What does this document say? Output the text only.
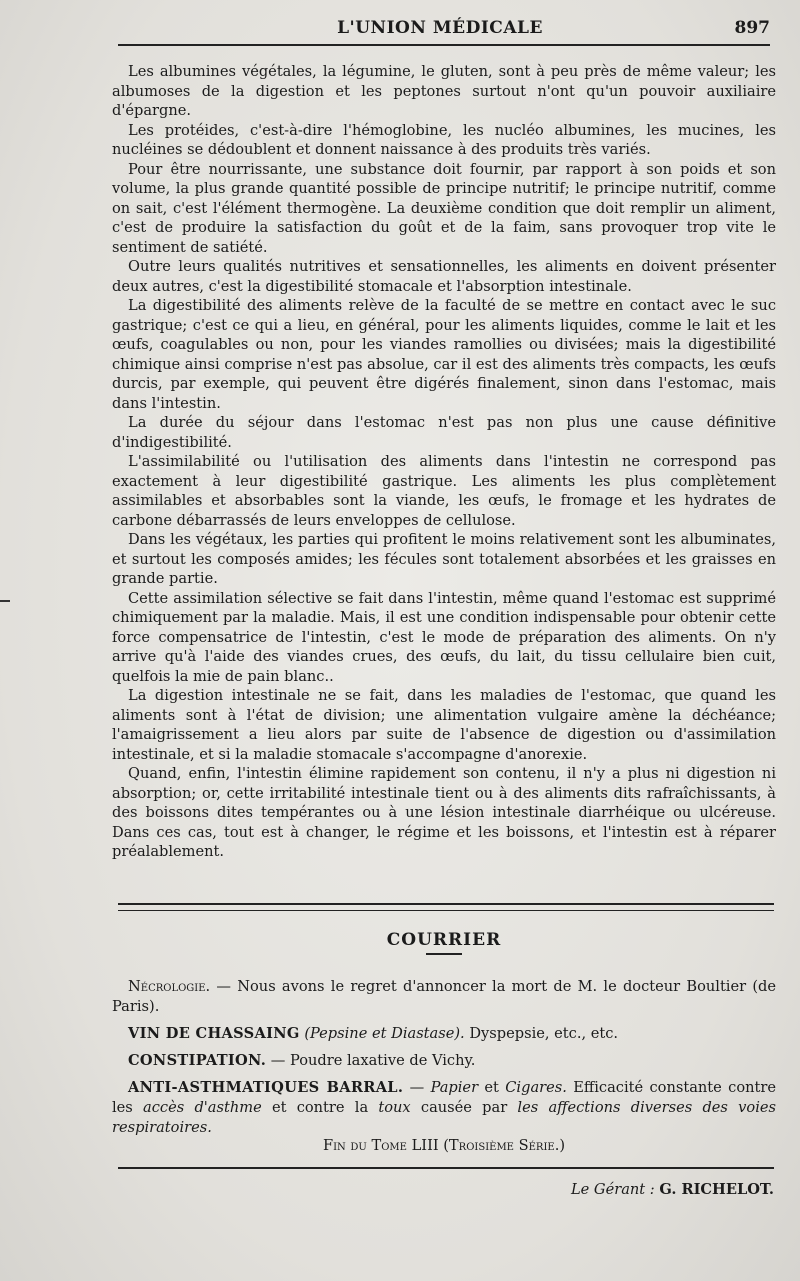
L'UNION MÉDICALE	897

Les albumines végétales, la légumine, le gluten, sont à peu près de même valeur; les albumoses de la digestion et les peptones surtout n'ont qu'un pouvoir auxiliaire d'épargne.

Les protéides, c'est-à-dire l'hémoglobine, les nucléo albumines, les mucines, les nucléines se dédoublent et donnent naissance à des produits très variés.

Pour être nourrissante, une substance doit fournir, par rapport à son poids et son volume, la plus grande quantité possible de principe nutritif; le principe nutritif, comme on sait, c'est l'élément thermogène. La deuxième condition que doit remplir un aliment, c'est de produire la satisfaction du goût et de la faim, sans provoquer trop vite le sentiment de satiété.

Outre leurs qualités nutritives et sensationnelles, les aliments en doivent présenter deux autres, c'est la digestibilité stomacale et l'absorption intestinale.

La digestibilité des aliments relève de la faculté de se mettre en contact avec le suc gastrique; c'est ce qui a lieu, en général, pour les aliments liquides, comme le lait et les œufs, coagulables ou non, pour les viandes ramollies ou divisées; mais la digestibilité chimique ainsi comprise n'est pas absolue, car il est des aliments très compacts, les œufs durcis, par exemple, qui peuvent être digérés finalement, sinon dans l'estomac, mais dans l'intestin.

La durée du séjour dans l'estomac n'est pas non plus une cause définitive d'indigestibilité.

L'assimilabilité ou l'utilisation des aliments dans l'intestin ne correspond pas exactement à leur digestibilité gastrique. Les aliments les plus complètement assimilables et absorbables sont la viande, les œufs, le fromage et les hydrates de carbone débarrassés de leurs enveloppes de cellulose.

Dans les végétaux, les parties qui profitent le moins relativement sont les albuminates, et surtout les composés amides; les fécules sont totalement absorbées et les graisses en grande partie.

Cette assimilation sélective se fait dans l'intestin, même quand l'estomac est supprimé chimiquement par la maladie. Mais, il est une condition indispensable pour obtenir cette force compensatrice de l'intestin, c'est le mode de préparation des aliments. On n'y arrive qu'à l'aide des viandes crues, des œufs, du lait, du tissu cellulaire bien cuit, quelfois la mie de pain blanc..

La digestion intestinale ne se fait, dans les maladies de l'estomac, que quand les aliments sont à l'état de division; une alimentation vulgaire amène la déchéance; l'amaigrissement a lieu alors par suite de l'absence de digestion ou d'assimilation intestinale, et si la maladie stomacale s'accompagne d'anorexie.

Quand, enfin, l'intestin élimine rapidement son contenu, il n'y a plus ni digestion ni absorption; or, cette irritabilité intestinale tient ou à des aliments dits rafraîchissants, à des boissons dites tempérantes ou à une lésion intestinale diarrhéique ou ulcéreuse. Dans ces cas, tout est à changer, le régime et les boissons, et l'intestin est à réparer préalablement.

COURRIER

Nécrologie. — Nous avons le regret d'annoncer la mort de M. le docteur Boultier (de Paris).

VIN DE CHASSAING (Pepsine et Diastase). Dyspepsie, etc., etc.

CONSTIPATION. — Poudre laxative de Vichy.

ANTI-ASTHMATIQUES BARRAL. — Papier et Cigares. Efficacité constante contre les accès d'asthme et contre la toux causée par les affections diverses des voies respiratoires.

Fin du Tome LIII (Troisième Série.)
Le Gérant : G. RICHELOT.
